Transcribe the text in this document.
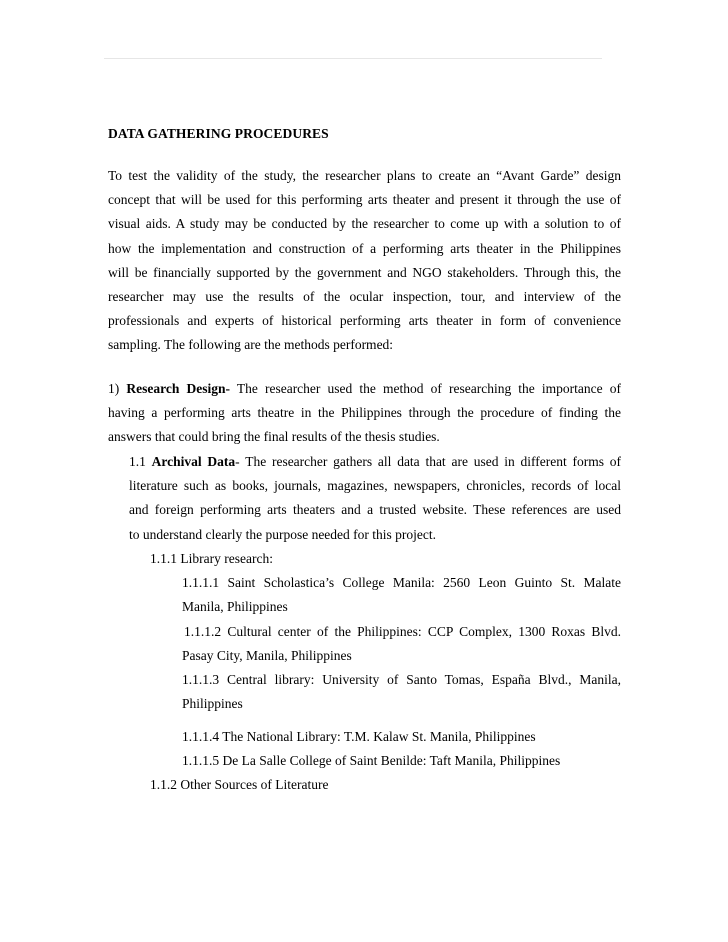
DATA GATHERING PROCEDURES
To test the validity of the study, the researcher plans to create an “Avant Garde” design
concept that will be used for this performing arts theater and present it through the use of
visual aids. A study may be conducted by the researcher to come up with a solution to of
how the implementation and construction of a performing arts theater in the Philippines
will be financially supported by the government and NGO stakeholders. Through this, the
researcher may use the results of the ocular inspection, tour, and interview of the
professionals and experts of historical performing arts theater in form of convenience
sampling. The following are the methods performed:
1) Research Design- The researcher used the method of researching the importance of
having a performing arts theatre in the Philippines through the procedure of finding the
answers that could bring the final results of the thesis studies.
1.1 Archival Data- The researcher gathers all data that are used in different forms of
literature such as books, journals, magazines, newspapers, chronicles, records of local
and foreign performing arts theaters and a trusted website. These references are used
to understand clearly the purpose needed for this project.
1.1.1 Library research:
1.1.1.1 Saint Scholastica’s College Manila: 2560 Leon Guinto St. Malate
Manila, Philippines
1.1.1.2 Cultural center of the Philippines: CCP Complex, 1300 Roxas Blvd.
Pasay City, Manila, Philippines
1.1.1.3 Central library: University of Santo Tomas, España Blvd., Manila,
Philippines
1.1.1.4 The National Library: T.M. Kalaw St. Manila, Philippines
1.1.1.5 De La Salle College of Saint Benilde: Taft Manila, Philippines
1.1.2 Other Sources of Literature
